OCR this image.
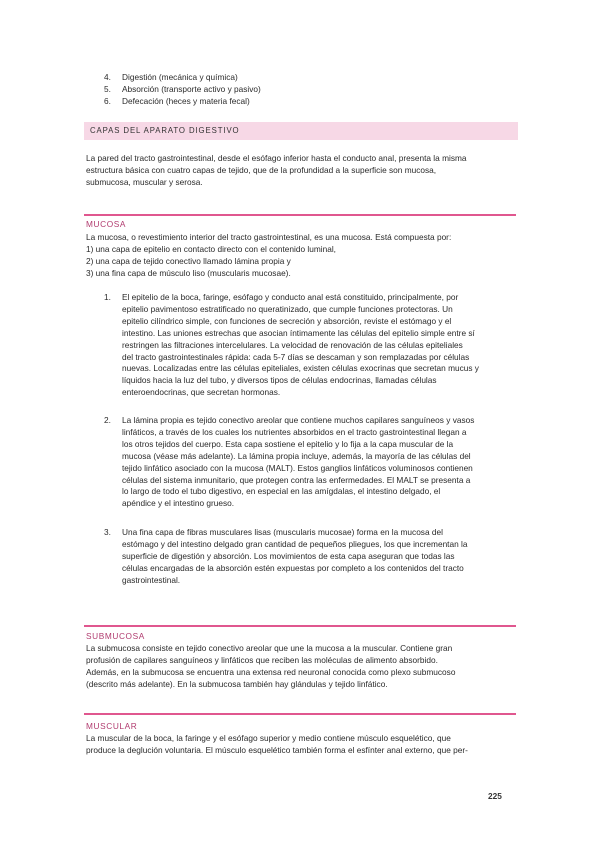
4.	Digestión (mecánica y química)
5.	Absorción (transporte activo y pasivo)
6.	Defecación (heces y materia fecal)
CAPAS DEL APARATO DIGESTIVO
La pared del tracto gastrointestinal, desde el esófago inferior hasta el conducto anal, presenta la misma
estructura básica con cuatro capas de tejido, que de la profundidad a la superficie son mucosa,
submucosa, muscular y serosa.
MUCOSA
La mucosa, o revestimiento interior del tracto gastrointestinal, es una mucosa. Está compuesta por:
1) una capa de epitelio en contacto directo con el contenido luminal,
2) una capa de tejido conectivo llamado lámina propia y
3) una fina capa de músculo liso (muscularis mucosae).
1.	El epitelio de la boca, faringe, esófago y conducto anal está constituido, principalmente, por
epitelio pavimentoso estratificado no queratinizado, que cumple funciones protectoras. Un
epitelio cilíndrico simple, con funciones de secreción y absorción, reviste el estómago y el
intestino. Las uniones estrechas que asocian íntimamente las células del epitelio simple entre sí
restringen las filtraciones intercelulares. La velocidad de renovación de las células epiteliales
del tracto gastrointestinales rápida: cada 5-7 días se descaman y son remplazadas por células
nuevas. Localizadas entre las células epiteliales, existen células exocrinas que secretan mucus y
líquidos hacia la luz del tubo, y diversos tipos de células endocrinas, llamadas células
enteroendocrinas, que secretan hormonas.
2.	La lámina propia es tejido conectivo areolar que contiene muchos capilares sanguíneos y vasos
linfáticos, a través de los cuales los nutrientes absorbidos en el tracto gastrointestinal llegan a
los otros tejidos del cuerpo. Esta capa sostiene el epitelio y lo fija a la capa muscular de la
mucosa (véase más adelante). La lámina propia incluye, además, la mayoría de las células del
tejido linfático asociado con la mucosa (MALT). Estos ganglios linfáticos voluminosos contienen
células del sistema inmunitario, que protegen contra las enfermedades. El MALT se presenta a
lo largo de todo el tubo digestivo, en especial en las amígdalas, el intestino delgado, el
apéndice y el intestino grueso.
3.	Una fina capa de fibras musculares lisas (muscularis mucosae) forma en la mucosa del
estómago y del intestino delgado gran cantidad de pequeños pliegues, los que incrementan la
superficie de digestión y absorción. Los movimientos de esta capa aseguran que todas las
células encargadas de la absorción estén expuestas por completo a los contenidos del tracto
gastrointestinal.
SUBMUCOSA
La submucosa consiste en tejido conectivo areolar que une la mucosa a la muscular. Contiene gran
profusión de capilares sanguíneos y linfáticos que reciben las moléculas de alimento absorbido.
Además, en la submucosa se encuentra una extensa red neuronal conocida como plexo submucoso
(descrito más adelante). En la submucosa también hay glándulas y tejido linfático.
MUSCULAR
La muscular de la boca, la faringe y el esófago superior y medio contiene músculo esquelético, que
produce la deglución voluntaria. El músculo esquelético también forma el esfínter anal externo, que per-
225
